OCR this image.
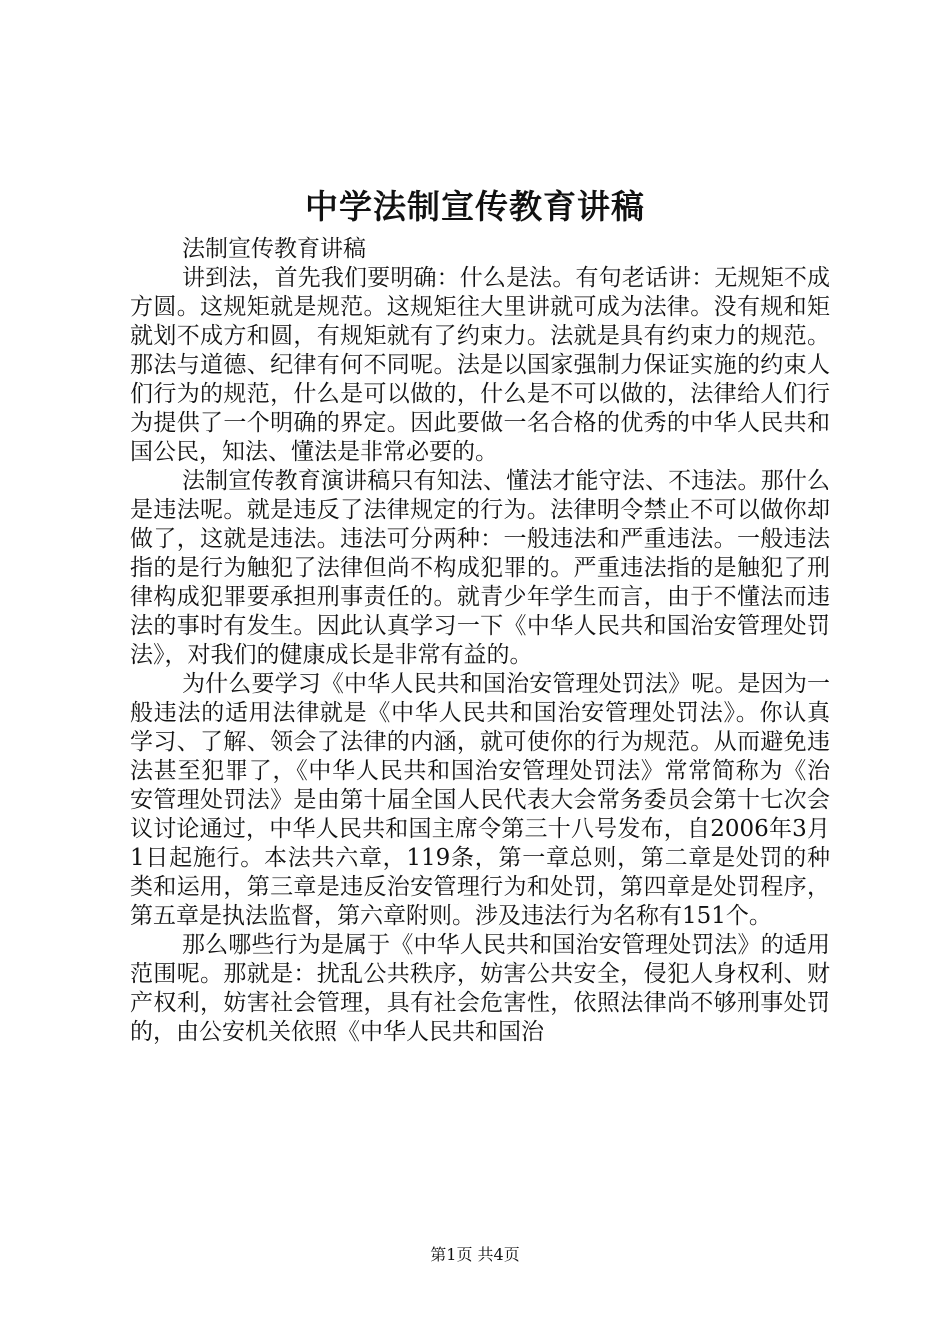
中学法制宣传教育讲稿

法制宣传教育讲稿

讲到法，首先我们要明确：什么是法。有句老话讲：无规矩不成方圆。这规矩就是规范。这规矩往大里讲就可成为法律。没有规和矩就划不成方和圆，有规矩就有了约束力。法就是具有约束力的规范。那法与道德、纪律有何不同呢。法是以国家强制力保证实施的约束人们行为的规范，什么是可以做的，什么是不可以做的，法律给人们行为提供了一个明确的界定。因此要做一名合格的优秀的中华人民共和国公民，知法、懂法是非常必要的。

法制宣传教育演讲稿只有知法、懂法才能守法、不违法。那什么是违法呢。就是违反了法律规定的行为。法律明令禁止不可以做你却做了，这就是违法。违法可分两种：一般违法和严重违法。一般违法指的是行为触犯了法律但尚不构成犯罪的。严重违法指的是触犯了刑律构成犯罪要承担刑事责任的。就青少年学生而言，由于不懂法而违法的事时有发生。因此认真学习一下《中华人民共和国治安管理处罚法》，对我们的健康成长是非常有益的。

为什么要学习《中华人民共和国治安管理处罚法》呢。是因为一般违法的适用法律就是《中华人民共和国治安管理处罚法》。你认真学习、了解、领会了法律的内涵，就可使你的行为规范。从而避免违法甚至犯罪了，《中华人民共和国治安管理处罚法》常常简称为《治安管理处罚法》是由第十届全国人民代表大会常务委员会第十七次会议讨论通过，中华人民共和国主席令第三十八号发布，自2006年3月1日起施行。本法共六章，119条，第一章总则，第二章是处罚的种类和运用，第三章是违反治安管理行为和处罚，第四章是处罚程序，第五章是执法监督，第六章附则。涉及违法行为名称有151个。

那么哪些行为是属于《中华人民共和国治安管理处罚法》的适用范围呢。那就是：扰乱公共秩序，妨害公共安全，侵犯人身权利、财产权利，妨害社会管理，具有社会危害性，依照法律尚不够刑事处罚的，由公安机关依照《中华人民共和国治

第1页 共4页
